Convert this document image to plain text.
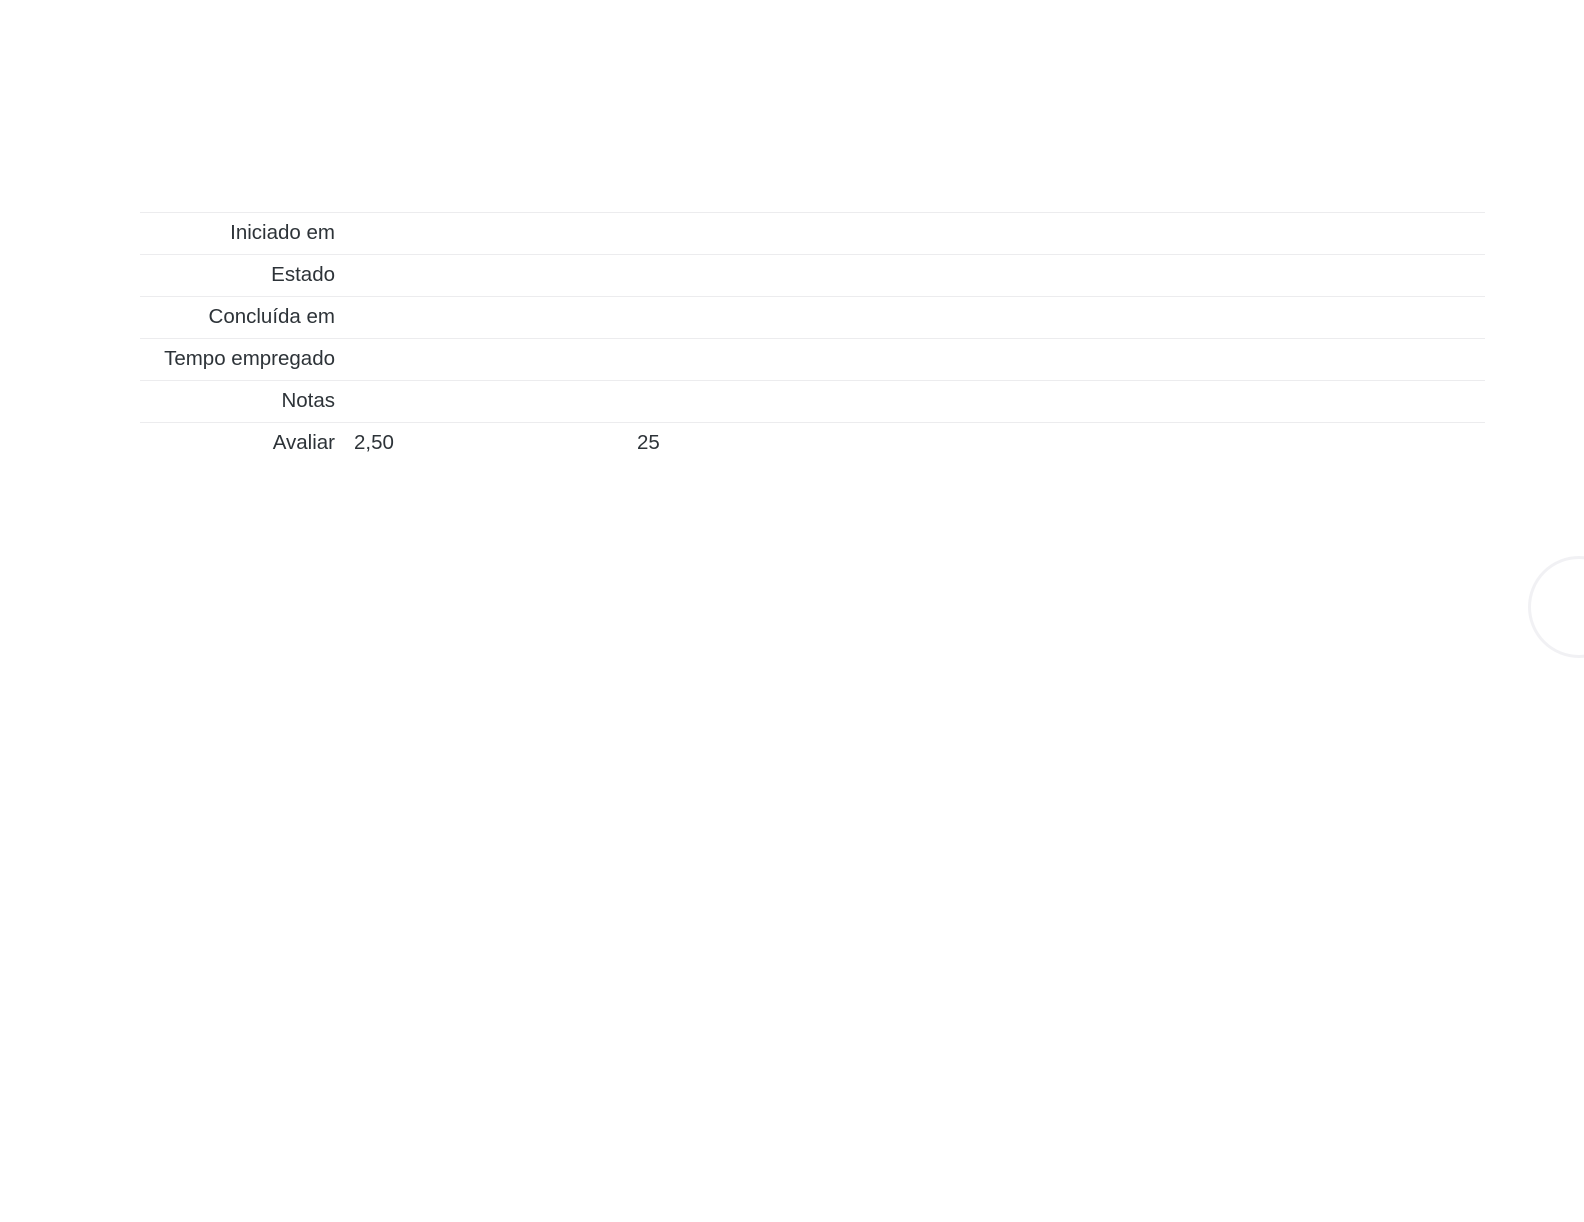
Iniciado em	

Estado	

Concluída em	

Tempo empregado	

Notas	

Avaliar	2,50 25
